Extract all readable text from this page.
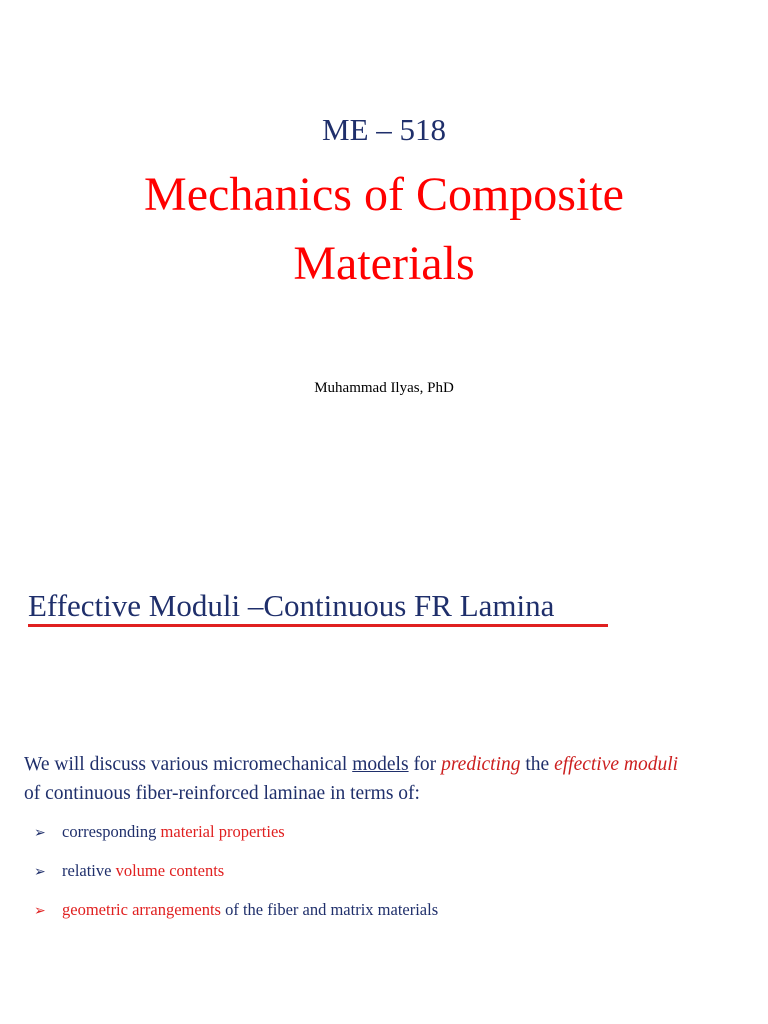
ME – 518
Mechanics of Composite
Materials
Muhammad Ilyas, PhD
Effective Moduli –Continuous FR Lamina
We will discuss various micromechanical models for predicting the effective moduli
of continuous fiber-reinforced laminae in terms of:
➢ corresponding material properties
➢ relative volume contents
➢ geometric arrangements of the fiber and matrix materials
